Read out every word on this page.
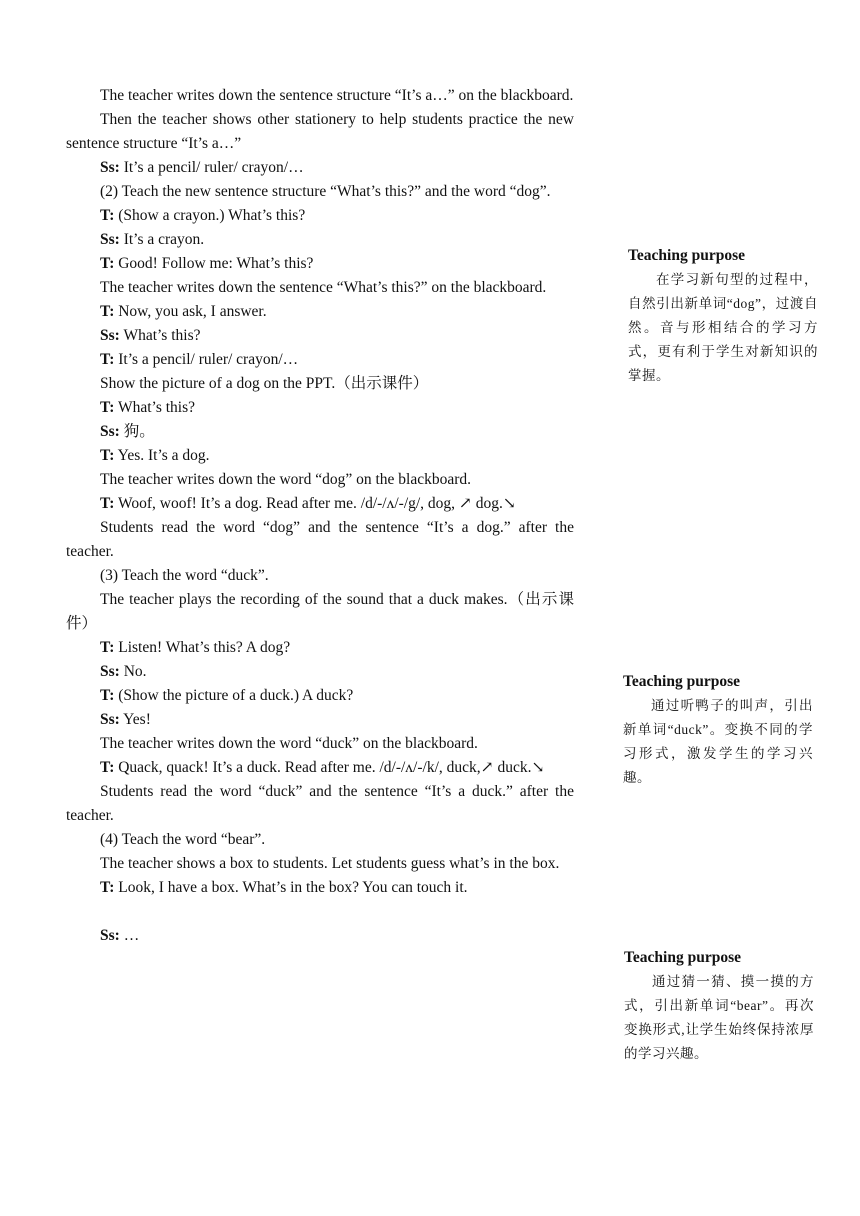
The teacher writes down the sentence structure “It’s a…” on the blackboard.

Then the teacher shows other stationery to help students practice the new sentence structure “It’s a…”

Ss: It’s a pencil/ ruler/ crayon/…

(2) Teach the new sentence structure “What’s this?” and the word “dog”.

T: (Show a crayon.) What’s this?

Ss: It’s a crayon.

T: Good! Follow me: What’s this?

The teacher writes down the sentence “What’s this?” on the blackboard.

T: Now, you ask, I answer.

Ss: What’s this?

T: It’s a pencil/ ruler/ crayon/…

Show the picture of a dog on the PPT.（出示课件）

T: What’s this?

Ss: 狗。

T: Yes. It’s a dog.

The teacher writes down the word “dog” on the blackboard.

T: Woof, woof! It’s a dog. Read after me. /d/-/ʌ/-/g/, dog, ↗ dog.↘

Students read the word “dog” and the sentence “It’s a dog.” after the teacher.

(3) Teach the word “duck”.

The teacher plays the recording of the sound that a duck makes.（出示课件）

T: Listen! What’s this? A dog?

Ss: No.

T: (Show the picture of a duck.) A duck?

Ss: Yes!

The teacher writes down the word “duck” on the blackboard.

T: Quack, quack! It’s a duck. Read after me. /d/-/ʌ/-/k/, duck,↗ duck.↘

Students read the word “duck” and the sentence “It’s a duck.” after the teacher.

(4) Teach the word “bear”.

The teacher shows a box to students. Let students guess what’s in the box.

T: Look, I have a box. What’s in the box? You can touch it.

Ss: …

Teaching purpose

在学习新句型的过程中，自然引出新单词“dog”，过渡自然。音与形相结合的学习方式，更有利于学生对新知识的掌握。

Teaching purpose

通过听鸭子的叫声，引出新单词“duck”。变换不同的学习形式，激发学生的学习兴趣。

Teaching purpose

通过猜一猜、摸一摸的方式，引出新单词“bear”。再次变换形式,让学生始终保持浓厚的学习兴趣。
